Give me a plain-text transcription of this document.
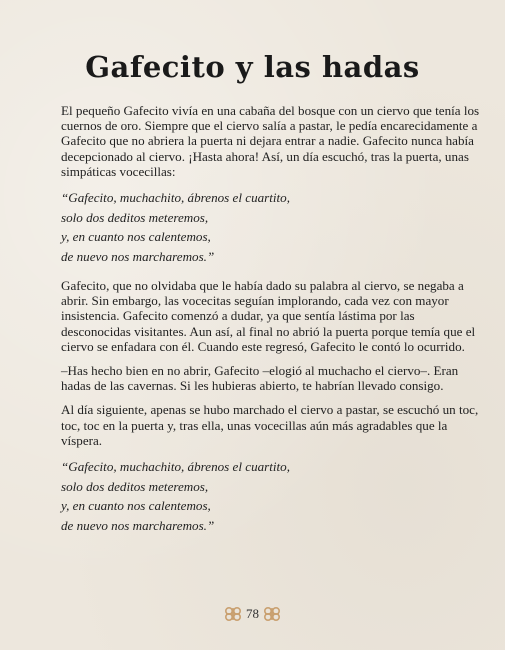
Gafecito y las hadas

El pequeño Gafecito vivía en una cabaña del bosque con un ciervo que tenía los cuernos de oro. Siempre que el ciervo salía a pastar, le pedía encarecidamente a Gafecito que no abriera la puerta ni dejara entrar a nadie. Gafecito nunca había decepcionado al ciervo. ¡Hasta ahora! Así, un día escuchó, tras la puerta, unas simpáticas vocecillas:

“Gafecito, muchachito, ábrenos el cuartito,
solo dos deditos meteremos,
y, en cuanto nos calentemos,
de nuevo nos marcharemos.”

Gafecito, que no olvidaba que le había dado su palabra al ciervo, se negaba a abrir. Sin embargo, las vocecitas seguían implorando, cada vez con mayor insistencia. Gafecito comenzó a dudar, ya que sentía lástima por las desconocidas visitantes. Aun así, al final no abrió la puerta porque temía que el ciervo se enfadara con él. Cuando este regresó, Gafecito le contó lo ocurrido.

–Has hecho bien en no abrir, Gafecito –elogió al muchacho el ciervo–. Eran hadas de las cavernas. Si les hubieras abierto, te habrían llevado consigo.

Al día siguiente, apenas se hubo marchado el ciervo a pastar, se escuchó un toc, toc, toc en la puerta y, tras ella, unas vocecillas aún más agradables que la víspera.

“Gafecito, muchachito, ábrenos el cuartito,
solo dos deditos meteremos,
y, en cuanto nos calentemos,
de nuevo nos marcharemos.”
78
